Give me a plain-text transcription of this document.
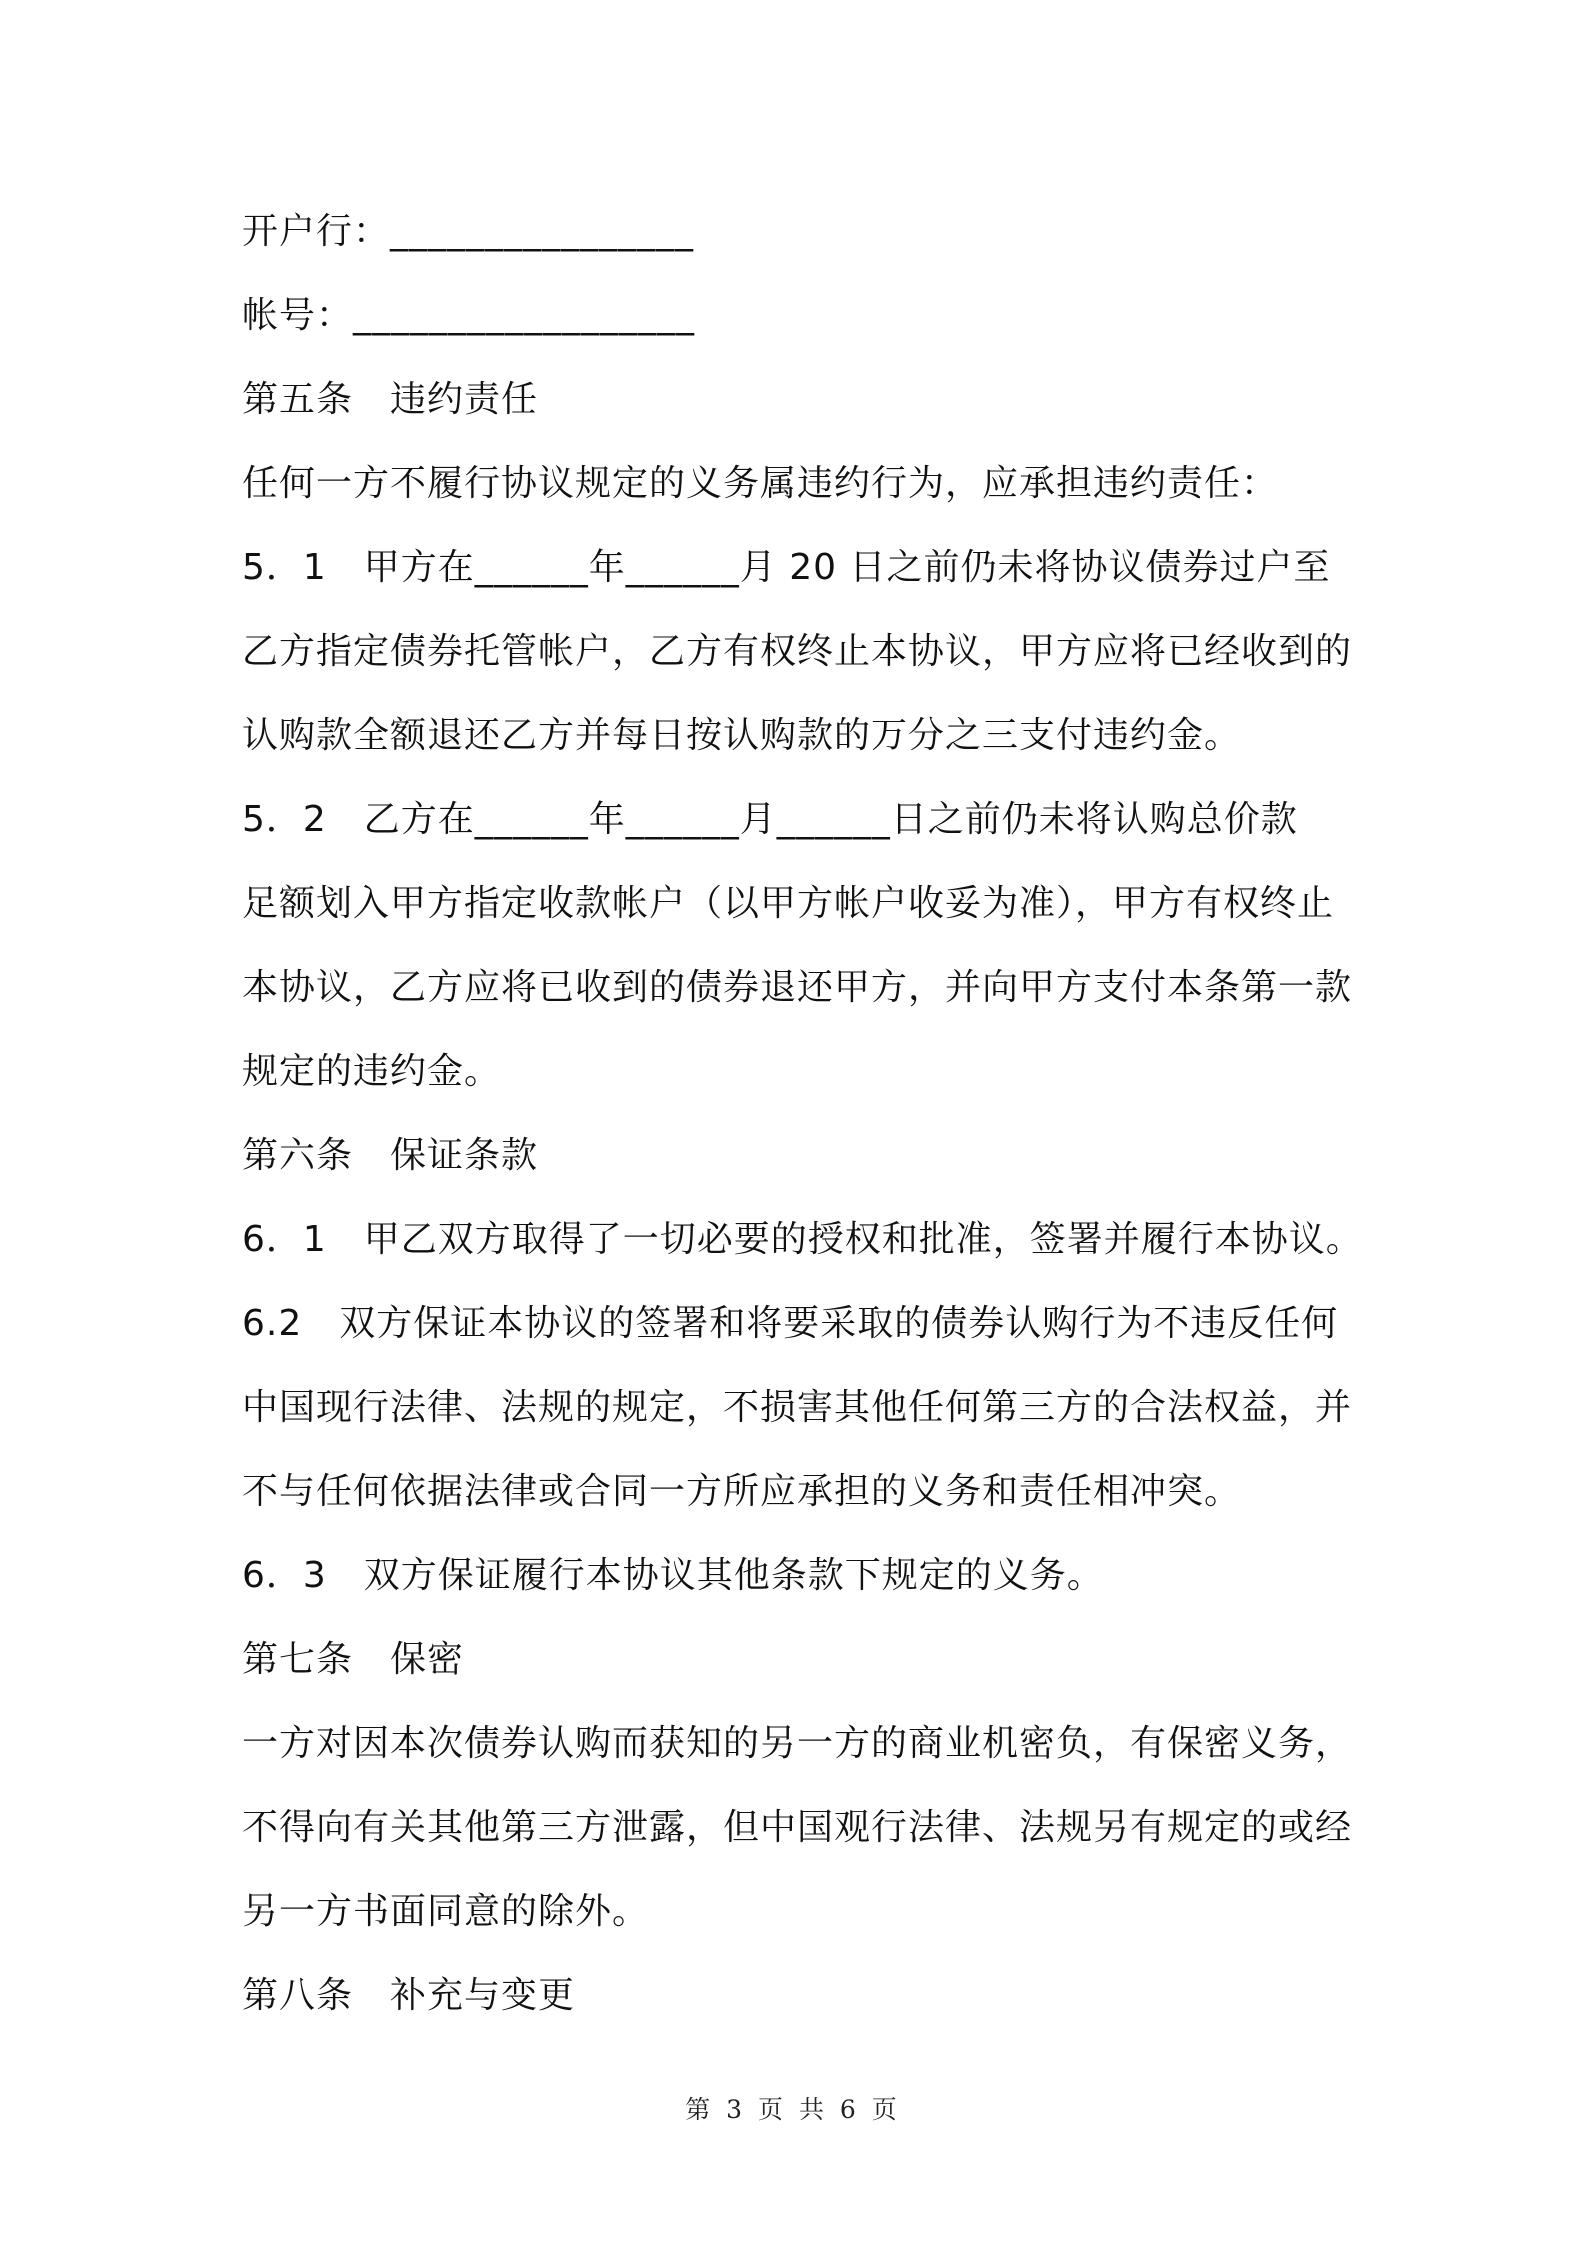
开户行：________________
帐号：__________________
第五条　违约责任
任何一方不履行协议规定的义务属违约行为，应承担违约责任：
5．1　甲方在______年______月 20 日之前仍未将协议债券过户至
乙方指定债券托管帐户，乙方有权终止本协议，甲方应将已经收到的
认购款全额退还乙方并每日按认购款的万分之三支付违约金。
5．2　乙方在______年______月______日之前仍未将认购总价款
足额划入甲方指定收款帐户（以甲方帐户收妥为准），甲方有权终止
本协议，乙方应将已收到的债券退还甲方，并向甲方支付本条第一款
规定的违约金。
第六条　保证条款
6．1　甲乙双方取得了一切必要的授权和批准，签署并履行本协议。
6.2　双方保证本协议的签署和将要采取的债券认购行为不违反任何
中国现行法律、法规的规定，不损害其他任何第三方的合法权益，并
不与任何依据法律或合同一方所应承担的义务和责任相冲突。
6．3　双方保证履行本协议其他条款下规定的义务。
第七条　保密
一方对因本次债券认购而获知的另一方的商业机密负，有保密义务，
不得向有关其他第三方泄露，但中国观行法律、法规另有规定的或经
另一方书面同意的除外。
第八条　补充与变更
第 3 页 共 6 页
